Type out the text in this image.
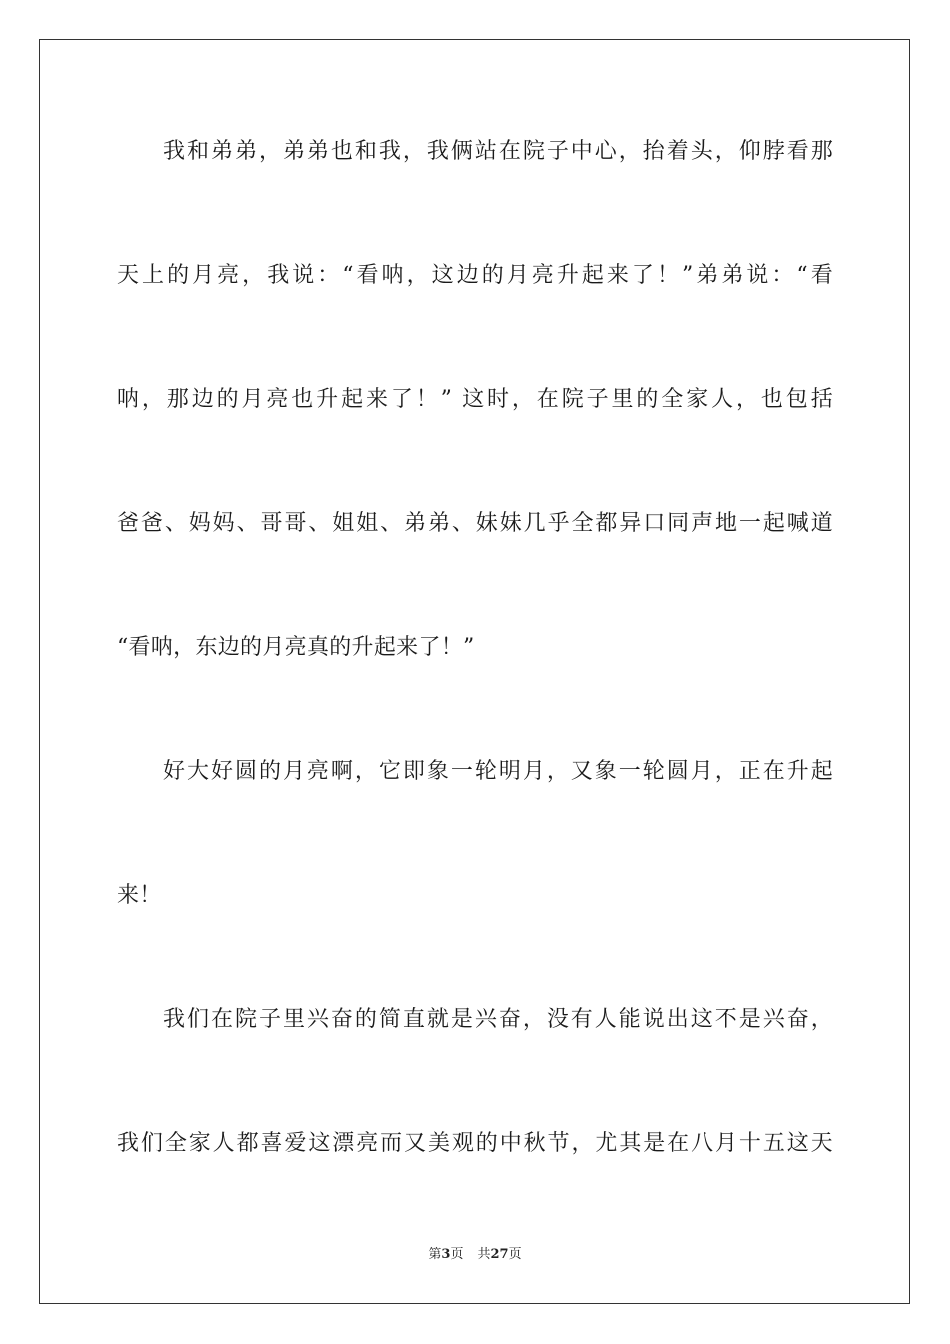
我和弟弟，弟弟也和我，我俩站在院子中心，抬着头，仰脖看那
天上的月亮，我说：“看呐，这边的月亮升起来了！”弟弟说：“看
呐，那边的月亮也升起来了！” 这时，在院子里的全家人，也包括
爸爸、妈妈、哥哥、姐姐、弟弟、妹妹几乎全都异口同声地一起喊道
“看呐，东边的月亮真的升起来了！”
好大好圆的月亮啊，它即象一轮明月，又象一轮圆月，正在升起
来！
我们在院子里兴奋的简直就是兴奋，没有人能说出这不是兴奋，
我们全家人都喜爱这漂亮而又美观的中秋节，尤其是在八月十五这天
第3页 共27页
